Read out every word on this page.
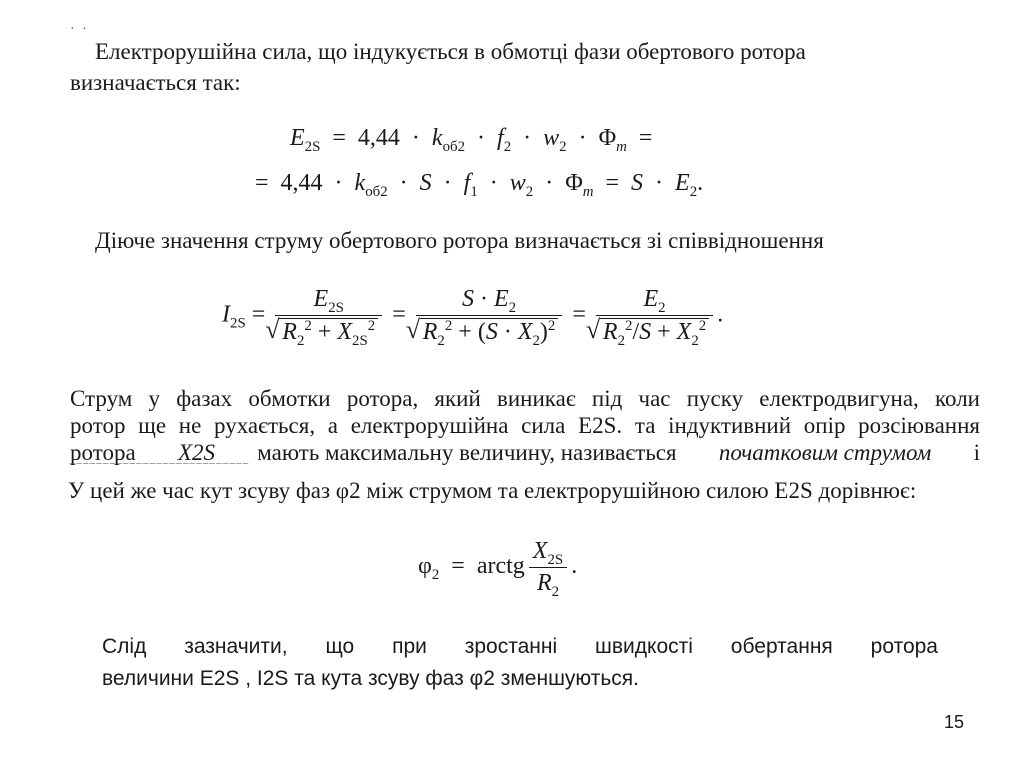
· ·
Електрорушійна сила, що індукується в обмотці фази обертового ротора
визначається так:
$E_{2S} = 4,44 \cdot k_{об2} \cdot f_2 \cdot w_2 \cdot \Phi_m$  =
=  $4,44 \cdot k_{об2} \cdot S \cdot f_1 \cdot w_2 \cdot \Phi_m = S \cdot E_2$.
Діюче значення струму обертового ротора визначається зі співвідношення
$I_{2S} = E_{2S}$
√ $R_2^2 + X_{2S}^2 = S \cdot E_2$
√ $R_2^2 + (S \cdot X_2)^2 = E_2$
√ $R_2^2/S + X_2^2$ .
Струм у фазах обмотки ротора, який виникає під час пуску електродвигуна, коли
ротор ще не рухається, а електрорушійна сила E2S. та індуктивний опір розсіювання
ротора X2S мають максимальну величину, називається початковим струмом і
‾‾‾‾‾‾‾‾‾‾‾‾‾‾‾‾‾‾‾‾‾‾‾‾‾‾‾
У цей же час кут зсуву фаз φ2 між струмом та електрорушійною силою E2S дорівнює:
$\varphi_2$  =  arctg $\frac{X_{2S}}{R_2}$ .
Слід зазначити, що при зростанні швидкості обертання ротора
величини E2S , I2S та кута зсуву фаз φ2 зменшуються.
15
